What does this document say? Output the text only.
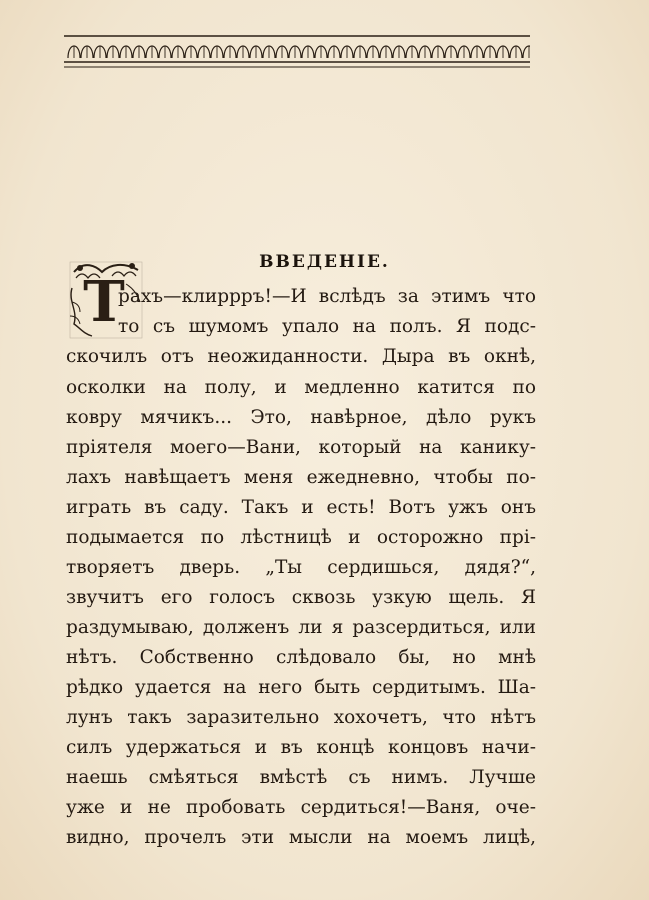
ВВЕДЕНІЕ.
Т
рахъ—клиррръ!—И вслѣдъ за этимъ что
то съ шумомъ упало на полъ. Я подс-
скочилъ отъ неожиданности. Дыра въ окнѣ,
осколки на полу, и медленно катится по
ковру мячикъ... Это, навѣрное, дѣло рукъ
пріятеля моего—Вани, который на канику-
лахъ навѣщаетъ меня ежедневно, чтобы по-
играть въ саду. Такъ и есть! Вотъ ужъ онъ
подымается по лѣстницѣ и осторожно прі-
творяетъ дверь. „Ты сердишься, дядя?“,
звучитъ его голосъ сквозь узкую щель. Я
раздумываю, долженъ ли я разсердиться, или
нѣтъ. Собственно слѣдовало бы, но мнѣ
рѣдко удается на него быть сердитымъ. Ша-
лунъ такъ заразительно хохочетъ, что нѣтъ
силъ удержаться и въ концѣ концовъ начи-
наешь смѣяться вмѣстѣ съ нимъ. Лучше
уже и не пробовать сердиться!—Ваня, оче-
видно, прочелъ эти мысли на моемъ лицѣ,
